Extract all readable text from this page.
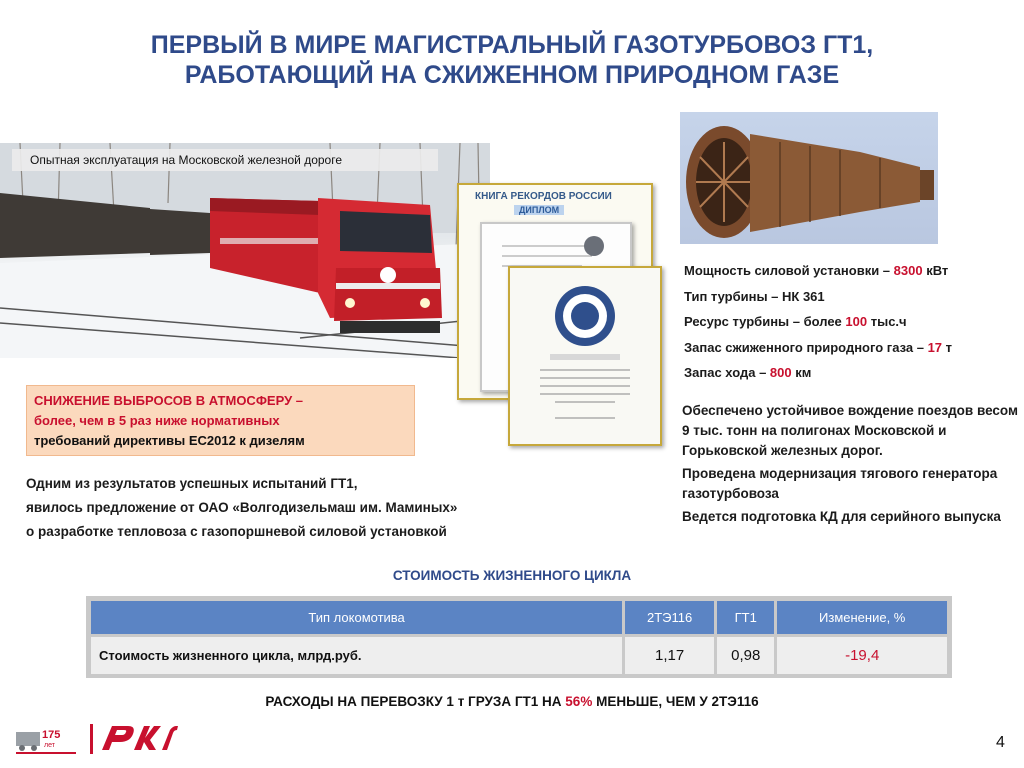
ПЕРВЫЙ В МИРЕ МАГИСТРАЛЬНЫЙ ГАЗОТУРБОВОЗ ГТ1,
РАБОТАЮЩИЙ НА СЖИЖЕННОМ ПРИРОДНОМ ГАЗЕ
Опытная эксплуатация на Московской железной дороге
КНИГА РЕКОРДОВ РОССИИ
ДИПЛОМ
Мощность силовой установки – 8300 кВт
Тип турбины – НК 361
Ресурс турбины – более 100 тыс.ч
Запас сжиженного природного газа – 17 т
Запас хода – 800 км

Обеспечено устойчивое вождение поездов весом 9 тыс. тонн на полигонах Московской и Горьковской железных дорог.

Проведена модернизация тягового генератора газотурбовоза

Ведется подготовка КД для серийного выпуска

СНИЖЕНИЕ ВЫБРОСОВ В АТМОСФЕРУ –
более, чем в 5 раз ниже нормативных
требований директивы ЕС2012 к дизелям
Одним из результатов успешных испытаний ГТ1,
явилось предложение от ОАО «Волгодизельмаш им. Маминых»
о разработке тепловоза с газопоршневой силовой установкой
СТОИМОСТЬ ЖИЗНЕННОГО ЦИКЛА
Тип локомотива	2ТЭ116	ГТ1	Изменение, %
Стоимость жизненного цикла, млрд.руб.	1,17	0,98	-19,4
РАСХОДЫ НА ПЕРЕВОЗКУ 1 т ГРУЗА ГТ1 НА 56% МЕНЬШЕ, ЧЕМ У 2ТЭ116
175
лет	4
